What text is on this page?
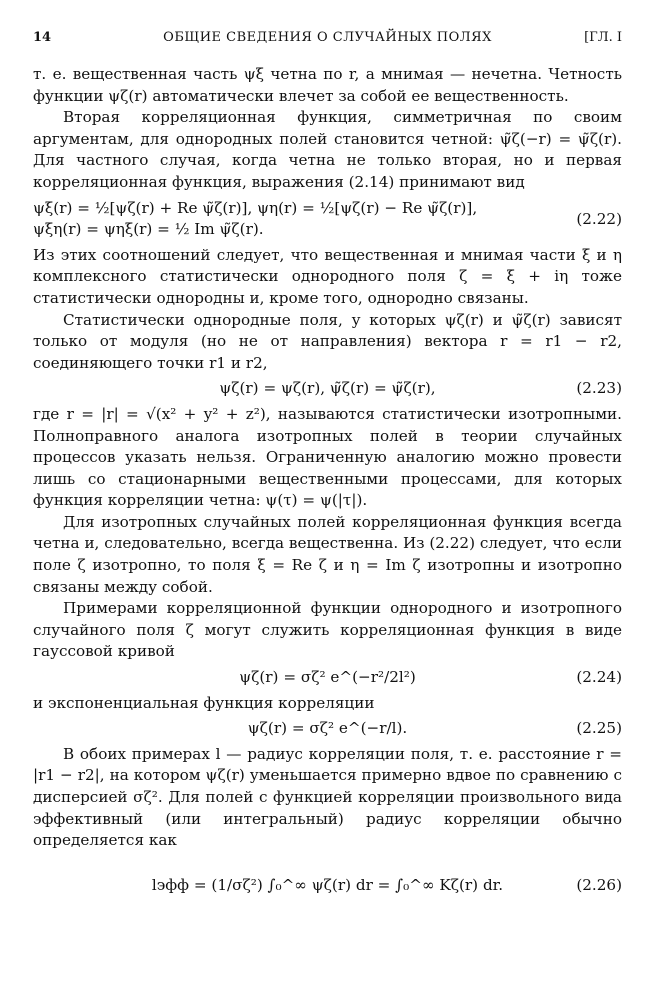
14	ОБЩИЕ СВЕДЕНИЯ О СЛУЧАЙНЫХ ПОЛЯХ	[ГЛ. I

т. е. вещественная часть ψξ четна по r, а мнимая — нечетна. Четность функции ψζ(r) автоматически влечет за собой ее вещественность.

Вторая корреляционная функция, симметричная по своим аргументам, для однородных полей становится четной: ψ̃ζ(−r) = ψ̃ζ(r). Для частного случая, когда четна не только вторая, но и первая корреляционная функция, выражения (2.14) принимают вид

ψξ(r) = ½[ψζ(r) + Re ψ̃ζ(r)], ψη(r) = ½[ψζ(r) − Re ψ̃ζ(r)],
ψξη(r) = ψηξ(r) = ½ Im ψ̃ζ(r).
(2.22)

Из этих соотношений следует, что вещественная и мнимая части ξ и η комплексного статистически однородного поля ζ = ξ + iη тоже статистически однородны и, кроме того, однородно связаны.

Статистически однородные поля, у которых ψζ(r) и ψ̃ζ(r) зависят только от модуля (но не от направления) вектора r = r1 − r2, соединяющего точки r1 и r2,

ψζ(r) = ψζ(r), ψ̃ζ(r) = ψ̃ζ(r),	(2.23)

где r = |r| = √(x² + y² + z²), называются статистически изотропными. Полноправного аналога изотропных полей в теории случайных процессов указать нельзя. Ограниченную аналогию можно провести лишь со стационарными вещественными процессами, для которых функция корреляции четна: ψ(τ) = ψ(|τ|).

Для изотропных случайных полей корреляционная функция всегда четна и, следовательно, всегда вещественна. Из (2.22) следует, что если поле ζ изотропно, то поля ξ = Re ζ и η = Im ζ изотропны и изотропно связаны между собой.

Примерами корреляционной функции однородного и изотропного случайного поля ζ могут служить корреляционная функция в виде гауссовой кривой

ψζ(r) = σζ² e^(−r²/2l²)	(2.24)

и экспоненциальная функция корреляции

ψζ(r) = σζ² e^(−r/l).	(2.25)

В обоих примерах l — радиус корреляции поля, т. е. расстояние r = |r1 − r2|, на котором ψζ(r) уменьшается примерно вдвое по сравнению с дисперсией σζ². Для полей с функцией корреляции произвольного вида эффективный (или интегральный) радиус корреляции обычно определяется как

lэфф = (1/σζ²) ∫₀^∞ ψζ(r) dr = ∫₀^∞ Kζ(r) dr.	(2.26)
